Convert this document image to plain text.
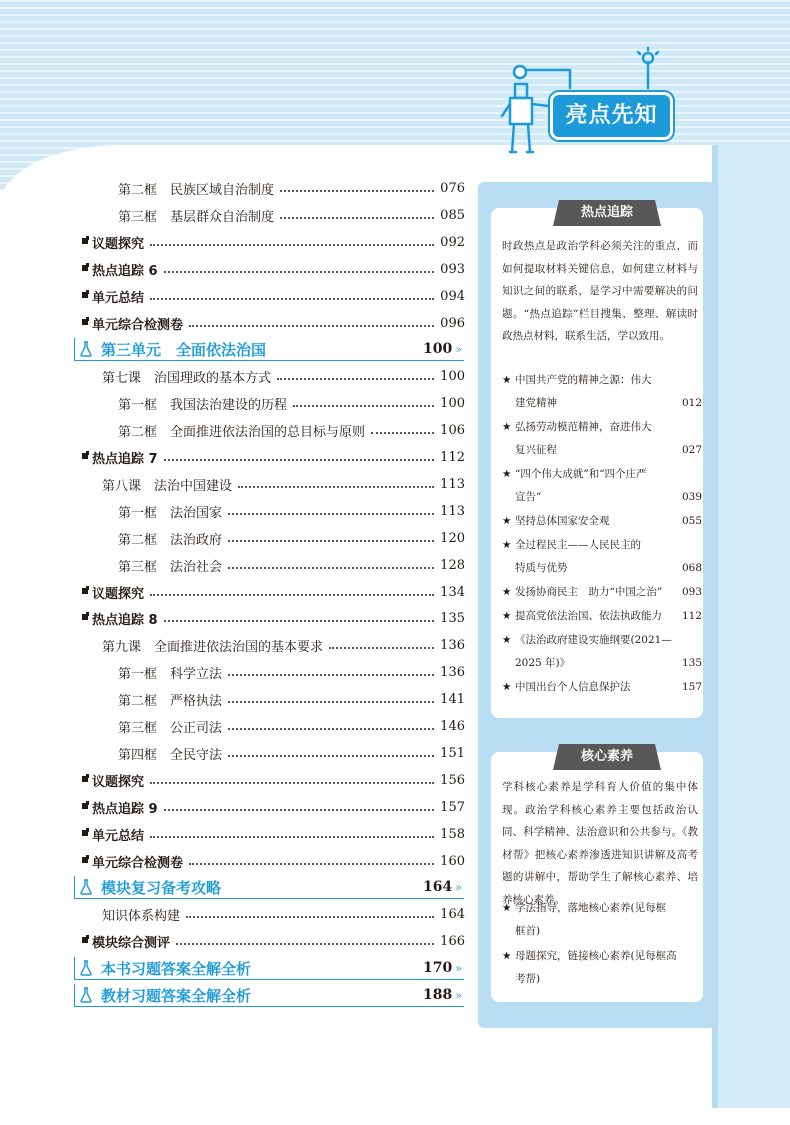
亮点先知
第二框　民族区域自治制度	076
第三框　基层群众自治制度	085
议题探究	092
热点追踪 6	093
单元总结	094
单元综合检测卷	096
第三单元　全面依法治国	100 »
第七课　治国理政的基本方式	100
第一框　我国法治建设的历程	100
第二框　全面推进依法治国的总目标与原则	106
热点追踪 7	112
第八课　法治中国建设	113
第一框　法治国家	113
第二框　法治政府	120
第三框　法治社会	128
议题探究	134
热点追踪 8	135
第九课　全面推进依法治国的基本要求	136
第一框　科学立法	136
第二框　严格执法	141
第三框　公正司法	146
第四框　全民守法	151
议题探究	156
热点追踪 9	157
单元总结	158
单元综合检测卷	160
模块复习备考攻略	164 »
知识体系构建	164
模块综合测评	166
本书习题答案全解全析	170 »
教材习题答案全解全析	188 »
热点追踪
时政热点是政治学科必须关注的重点，而如何提取材料关键信息，如何建立材料与知识之间的联系，是学习中需要解决的问题。“热点追踪”栏目搜集、整理、解读时政热点材料，联系生活，学以致用。
★ 中国共产党的精神之源：伟大
建党精神	012
★ 弘扬劳动模范精神，奋进伟大
复兴征程	027
★ “四个伟大成就”和“四个庄严
宣告”	039
★ 坚持总体国家安全观	055
★ 全过程民主——人民民主的
特质与优势	068
★ 发扬协商民主　助力“中国之治”	093
★ 提高党依法治国、依法执政能力	112
★ 《法治政府建设实施纲要(2021—
2025 年)》	135
★ 中国出台个人信息保护法	157
核心素养
学科核心素养是学科育人价值的集中体现。政治学科核心素养主要包括政治认同、科学精神、法治意识和公共参与。《教材帮》把核心素养渗透进知识讲解及高考题的讲解中，帮助学生了解核心素养、培养核心素养。
★ 学法指导，落地核心素养(见每框
框首)
★ 母题探究，链接核心素养(见每框高
考帮)
